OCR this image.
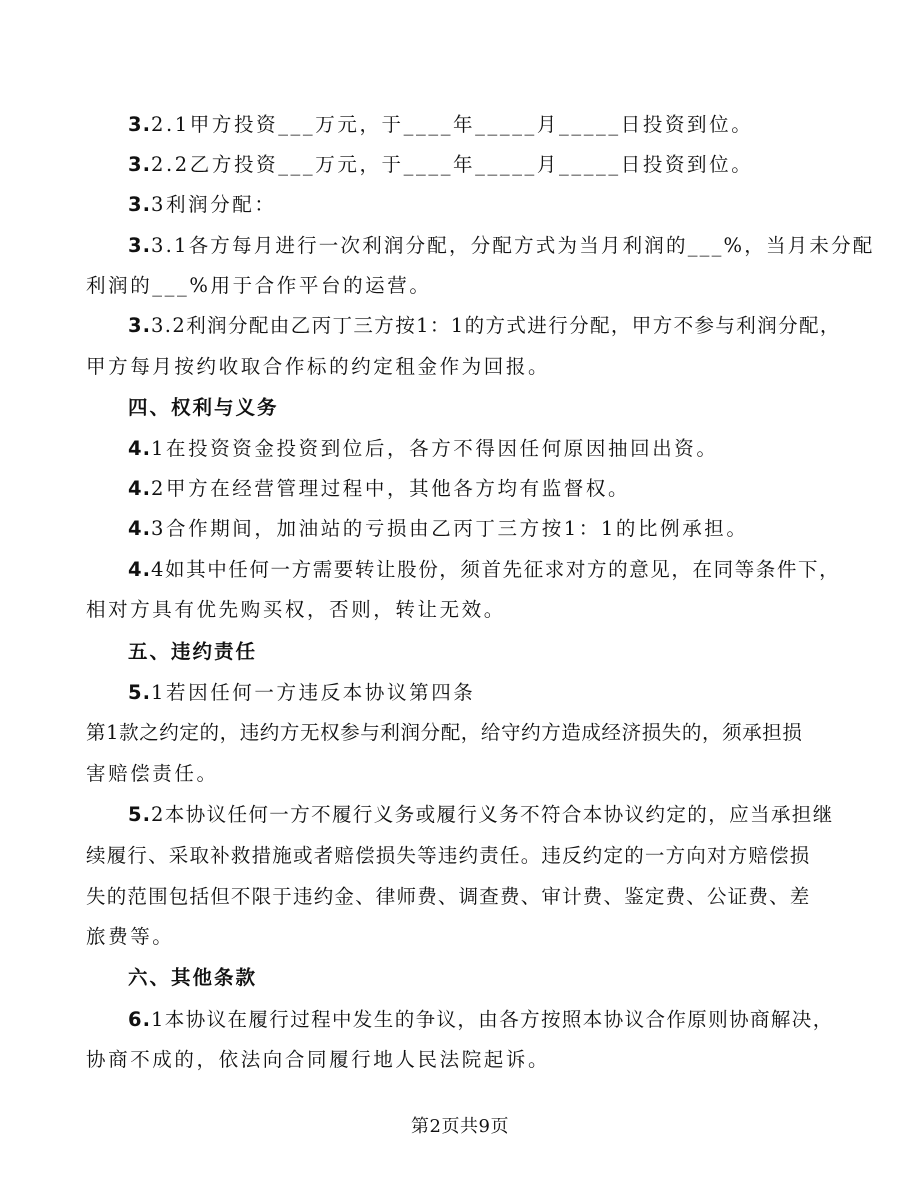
3.2.1甲方投资___万元，于____年_____月_____日投资到位。
3.2.2乙方投资___万元，于____年_____月_____日投资到位。
3.3利润分配：
3.3.1各方每月进行一次利润分配，分配方式为当月利润的___%，当月未分配
利润的___%用于合作平台的运营。
3.3.2利润分配由乙丙丁三方按1：1的方式进行分配，甲方不参与利润分配，
甲方每月按约收取合作标的约定租金作为回报。
四、权利与义务
4.1在投资资金投资到位后，各方不得因任何原因抽回出资。
4.2甲方在经营管理过程中，其他各方均有监督权。
4.3合作期间，加油站的亏损由乙丙丁三方按1：1的比例承担。
4.4如其中任何一方需要转让股份，须首先征求对方的意见，在同等条件下，
相对方具有优先购买权，否则，转让无效。
五、违约责任
5.1若因任何一方违反本协议第四条
第1款之约定的，违约方无权参与利润分配，给守约方造成经济损失的，须承担损
害赔偿责任。
5.2本协议任何一方不履行义务或履行义务不符合本协议约定的，应当承担继
续履行、采取补救措施或者赔偿损失等违约责任。违反约定的一方向对方赔偿损
失的范围包括但不限于违约金、律师费、调查费、审计费、鉴定费、公证费、差
旅费等。
六、其他条款
6.1本协议在履行过程中发生的争议，由各方按照本协议合作原则协商解决，
协商不成的，依法向合同履行地人民法院起诉。
第2页共9页
